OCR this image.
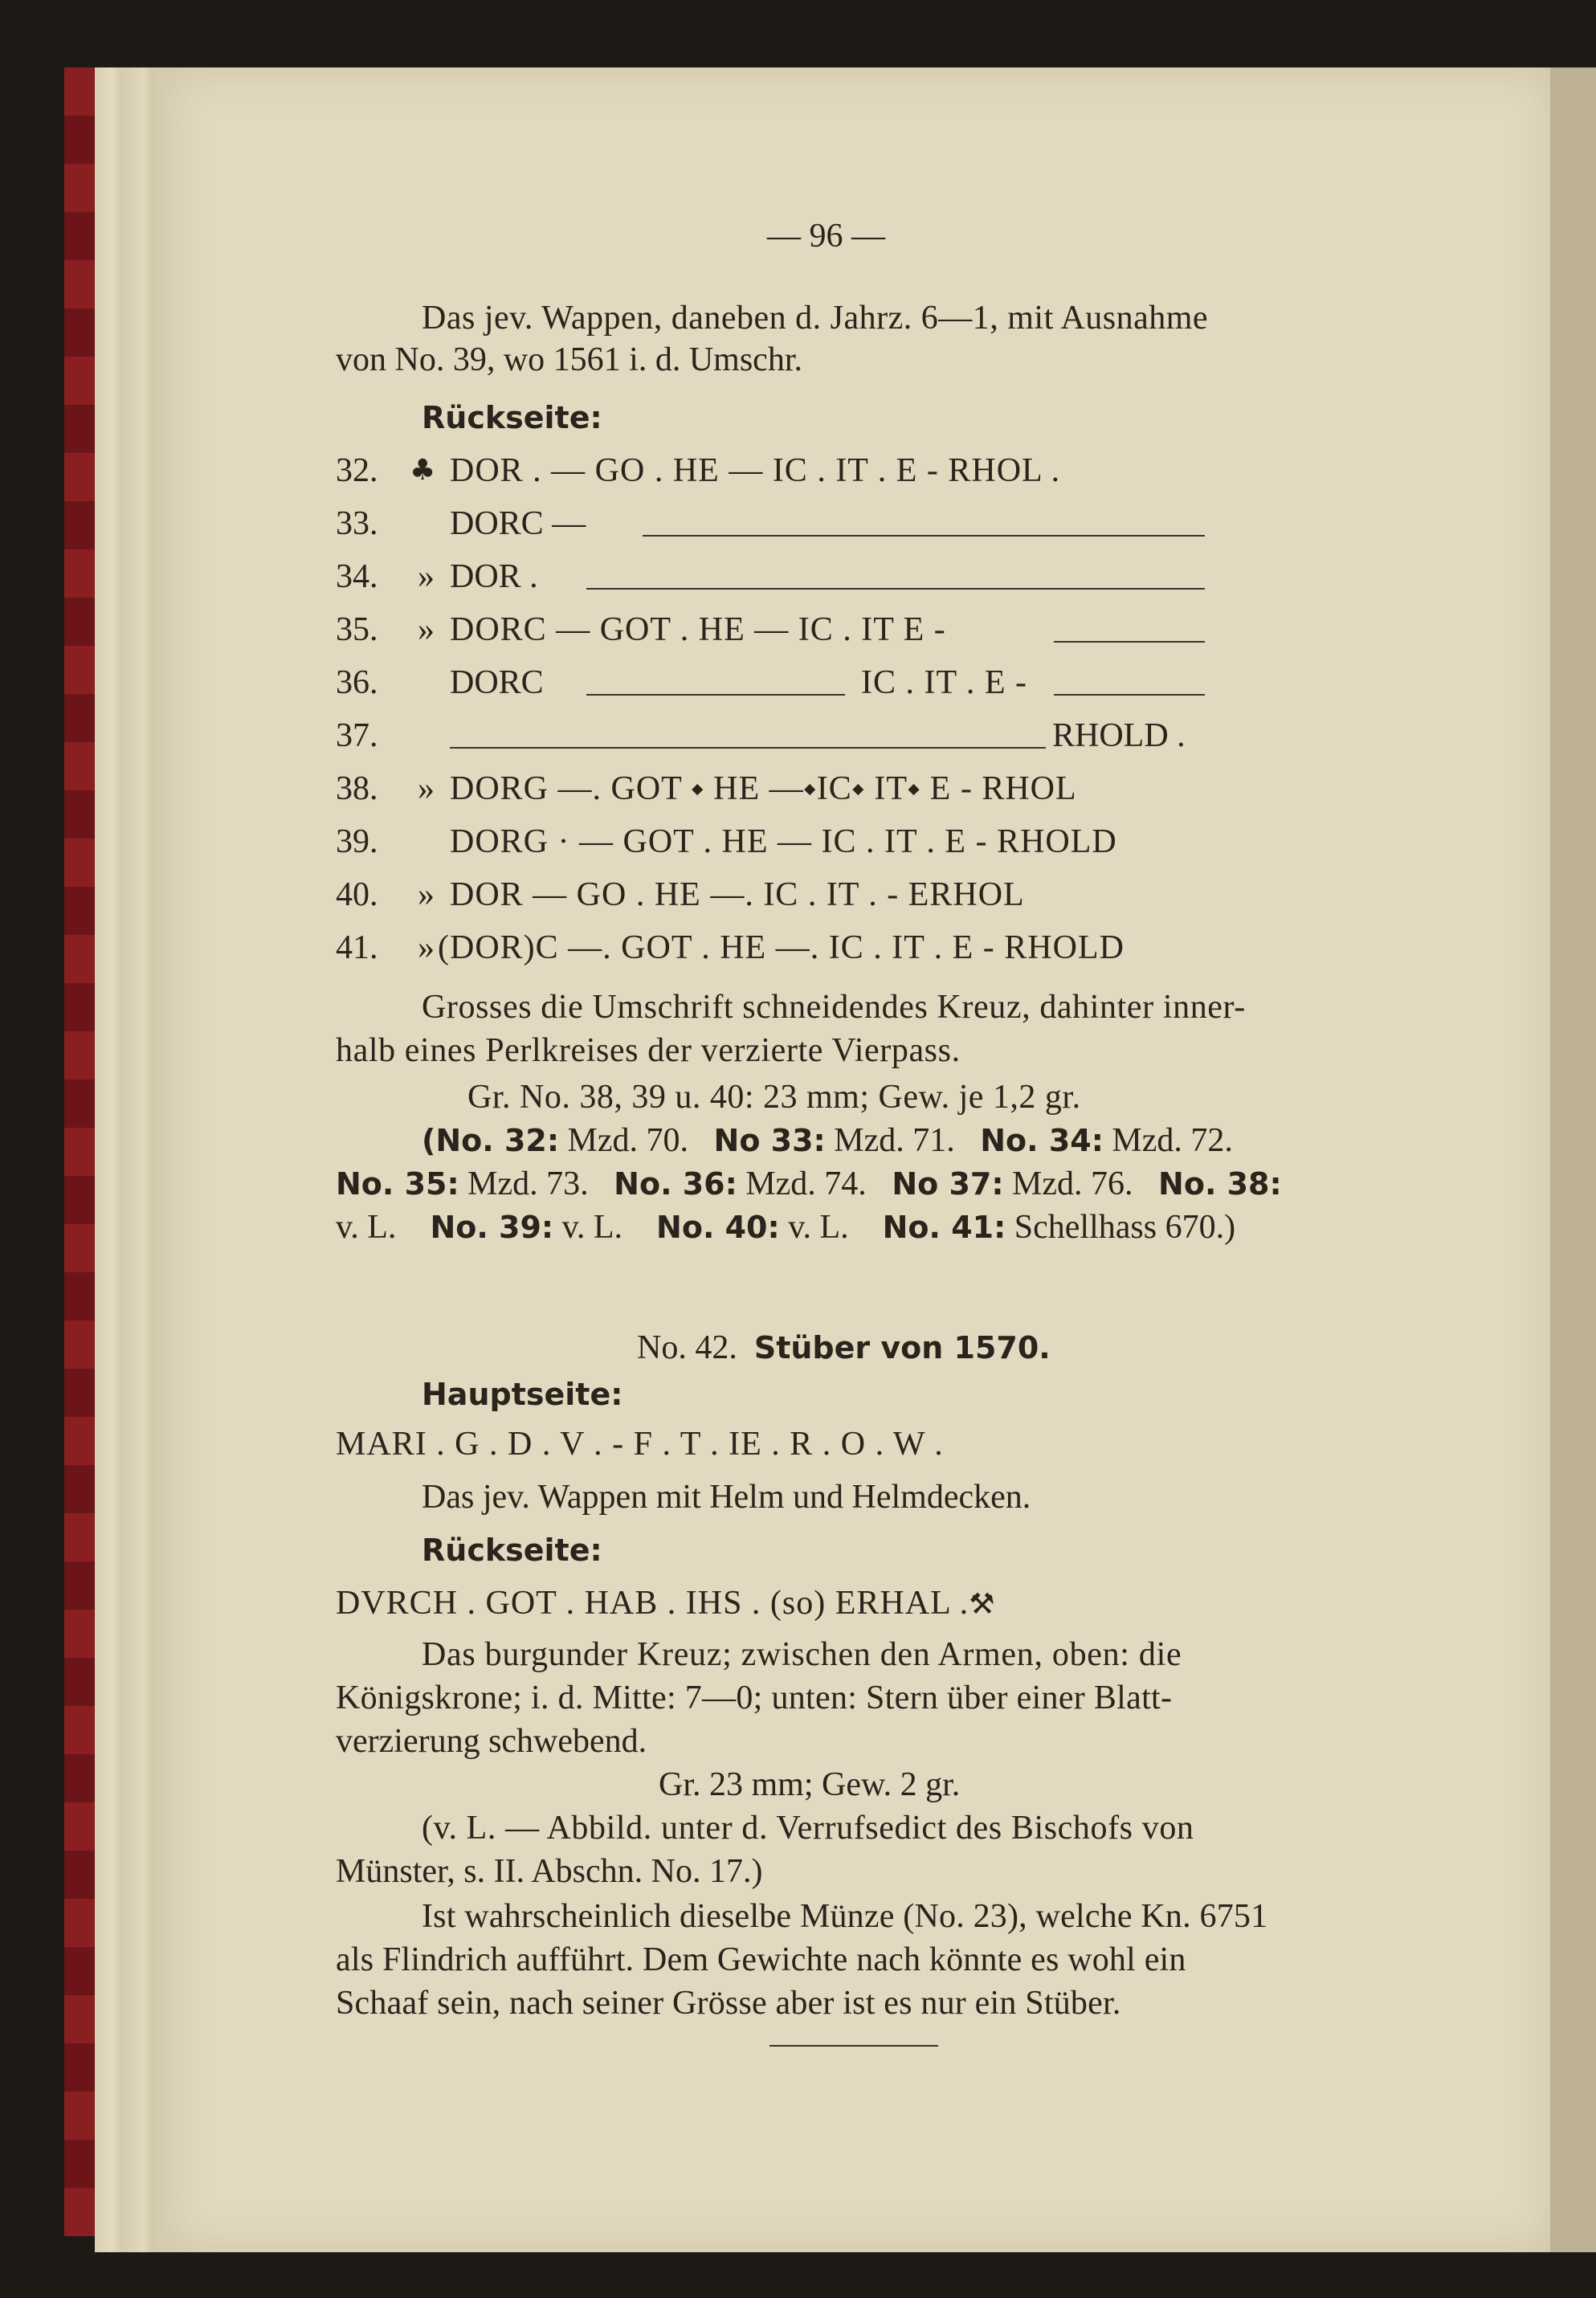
— 96 —
Das jev. Wappen, daneben d. Jahrz. 6—1, mit Ausnahme
von No. 39, wo 1561 i. d. Umschr.
Rückseite:
32. ♣ DOR . — GO . HE — IC . IT . E - RHOL .
33. DORC —
34. » DOR .
35. » DORC — GOT . HE — IC . IT E -
36. DORC	IC . IT . E -
37.	RHOLD .
38. » DORG —. GOT ⬩ HE —⬩IC⬩ IT⬩ E - RHOL
39. DORG · — GOT . HE — IC . IT . E - RHOLD
40. » DOR — GO . HE —. IC . IT . - ERHOL
41. » (DOR)C —. GOT . HE —. IC . IT . E - RHOLD
Grosses die Umschrift schneidendes Kreuz, dahinter inner-
halb eines Perlkreises der verzierte Vierpass.
Gr. No. 38, 39 u. 40: 23 mm; Gew. je 1,2 gr.
(No. 32: Mzd. 70. No 33: Mzd. 71. No. 34: Mzd. 72.
No. 35: Mzd. 73. No. 36: Mzd. 74. No 37: Mzd. 76. No. 38:
v. L. No. 39: v. L. No. 40: v. L. No. 41: Schellhass 670.)
No. 42. Stüber von 1570.
Hauptseite:
MARI . G . D . V . - F . T . IE . R . O . W .
Das jev. Wappen mit Helm und Helmdecken.
Rückseite:
DVRCH . GOT . HAB . IHS . (so) ERHAL .⚒
Das burgunder Kreuz; zwischen den Armen, oben: die
Königskrone; i. d. Mitte: 7—0; unten: Stern über einer Blatt-
verzierung schwebend.
Gr. 23 mm; Gew. 2 gr.
(v. L. — Abbild. unter d. Verrufsedict des Bischofs von
Münster, s. II. Abschn. No. 17.)
Ist wahrscheinlich dieselbe Münze (No. 23), welche Kn. 6751
als Flindrich aufführt. Dem Gewichte nach könnte es wohl ein
Schaaf sein, nach seiner Grösse aber ist es nur ein Stüber.
